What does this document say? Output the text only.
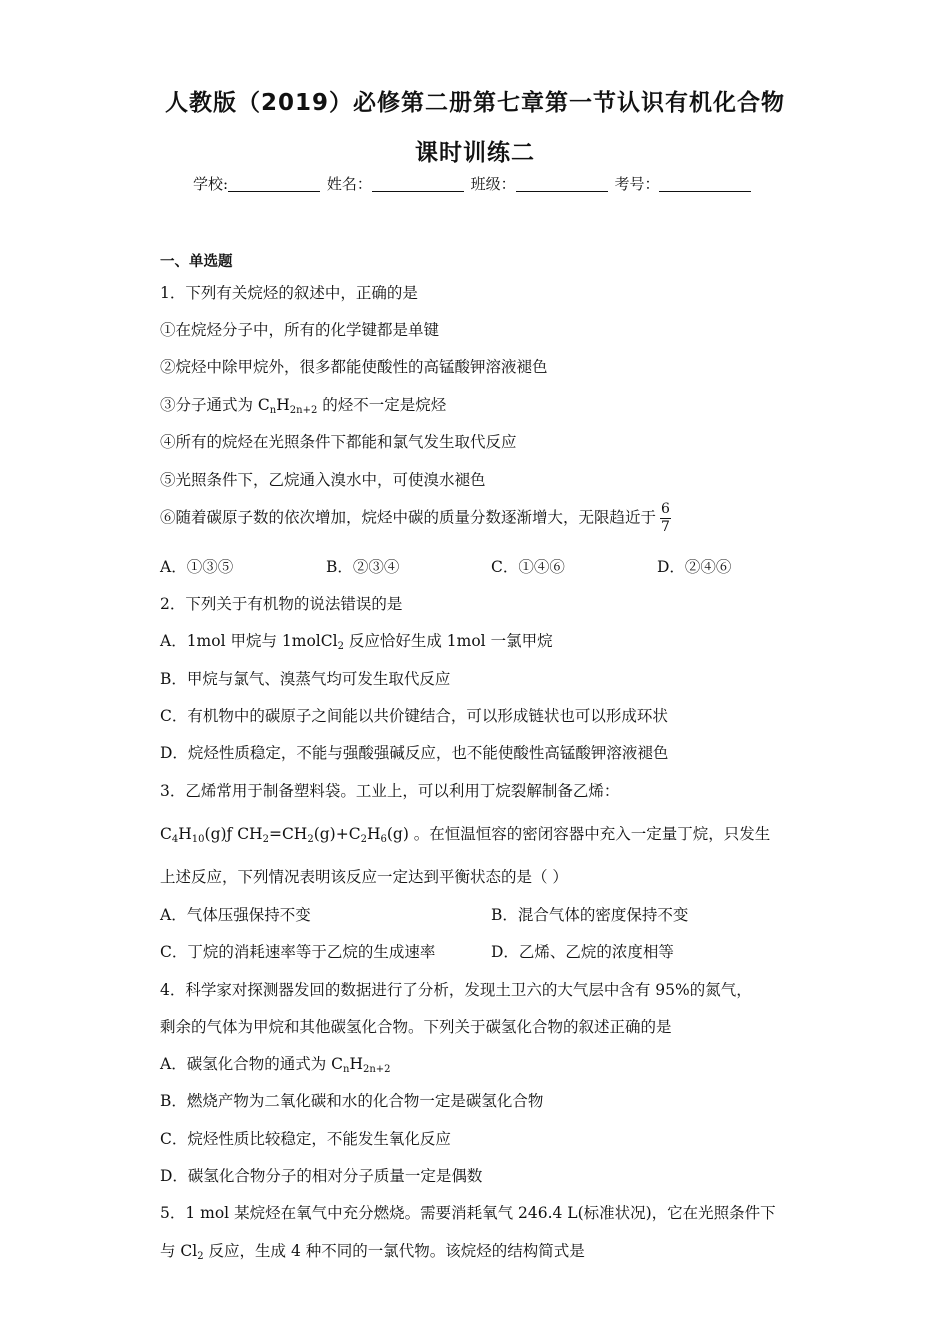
人教版（2019）必修第二册第七章第一节认识有机化合物
课时训练二
学校:	姓名：	班级：	考号：
一、单选题
1．下列有关烷烃的叙述中，正确的是
①在烷烃分子中，所有的化学键都是单键
②烷烃中除甲烷外，很多都能使酸性的高锰酸钾溶液褪色
③分子通式为 $C_nH_{2n+2}$ 的烃不一定是烷烃
④所有的烷烃在光照条件下都能和氯气发生取代反应
⑤光照条件下，乙烷通入溴水中，可使溴水褪色
⑥随着碳原子数的依次增加，烷烃中碳的质量分数逐渐增大，无限趋近于 $\frac{6}{7}$
A．①③⑤	B．②③④	C．①④⑥	D．②④⑥
2．下列关于有机物的说法错误的是
A．1mol 甲烷与 1molCl$_2$ 反应恰好生成 1mol 一氯甲烷
B．甲烷与氯气、溴蒸气均可发生取代反应
C．有机物中的碳原子之间能以共价键结合，可以形成链状也可以形成环状
D．烷烃性质稳定，不能与强酸强碱反应，也不能使酸性高锰酸钾溶液褪色
3．乙烯常用于制备塑料袋。工业上，可以利用丁烷裂解制备乙烯：
$C_4H_{10}(g)ƒ$ $CH_2=CH_2(g)+C_2H_6(g)$ 。在恒温恒容的密闭容器中充入一定量丁烷，只发生
上述反应，下列情况表明该反应一定达到平衡状态的是（ ）
A．气体压强保持不变	B．混合气体的密度保持不变
C．丁烷的消耗速率等于乙烷的生成速率	D．乙烯、乙烷的浓度相等
4．科学家对探测器发回的数据进行了分析，发现土卫六的大气层中含有 95%的氮气，
剩余的气体为甲烷和其他碳氢化合物。下列关于碳氢化合物的叙述正确的是
A．碳氢化合物的通式为 $C_nH_{2n+2}$
B．燃烧产物为二氧化碳和水的化合物一定是碳氢化合物
C．烷烃性质比较稳定，不能发生氧化反应
D．碳氢化合物分子的相对分子质量一定是偶数
5．1 mol 某烷烃在氧气中充分燃烧。需要消耗氧气 246.4 L(标准状况)，它在光照条件下
与 $Cl_2$ 反应，生成 4 种不同的一氯代物。该烷烃的结构简式是
